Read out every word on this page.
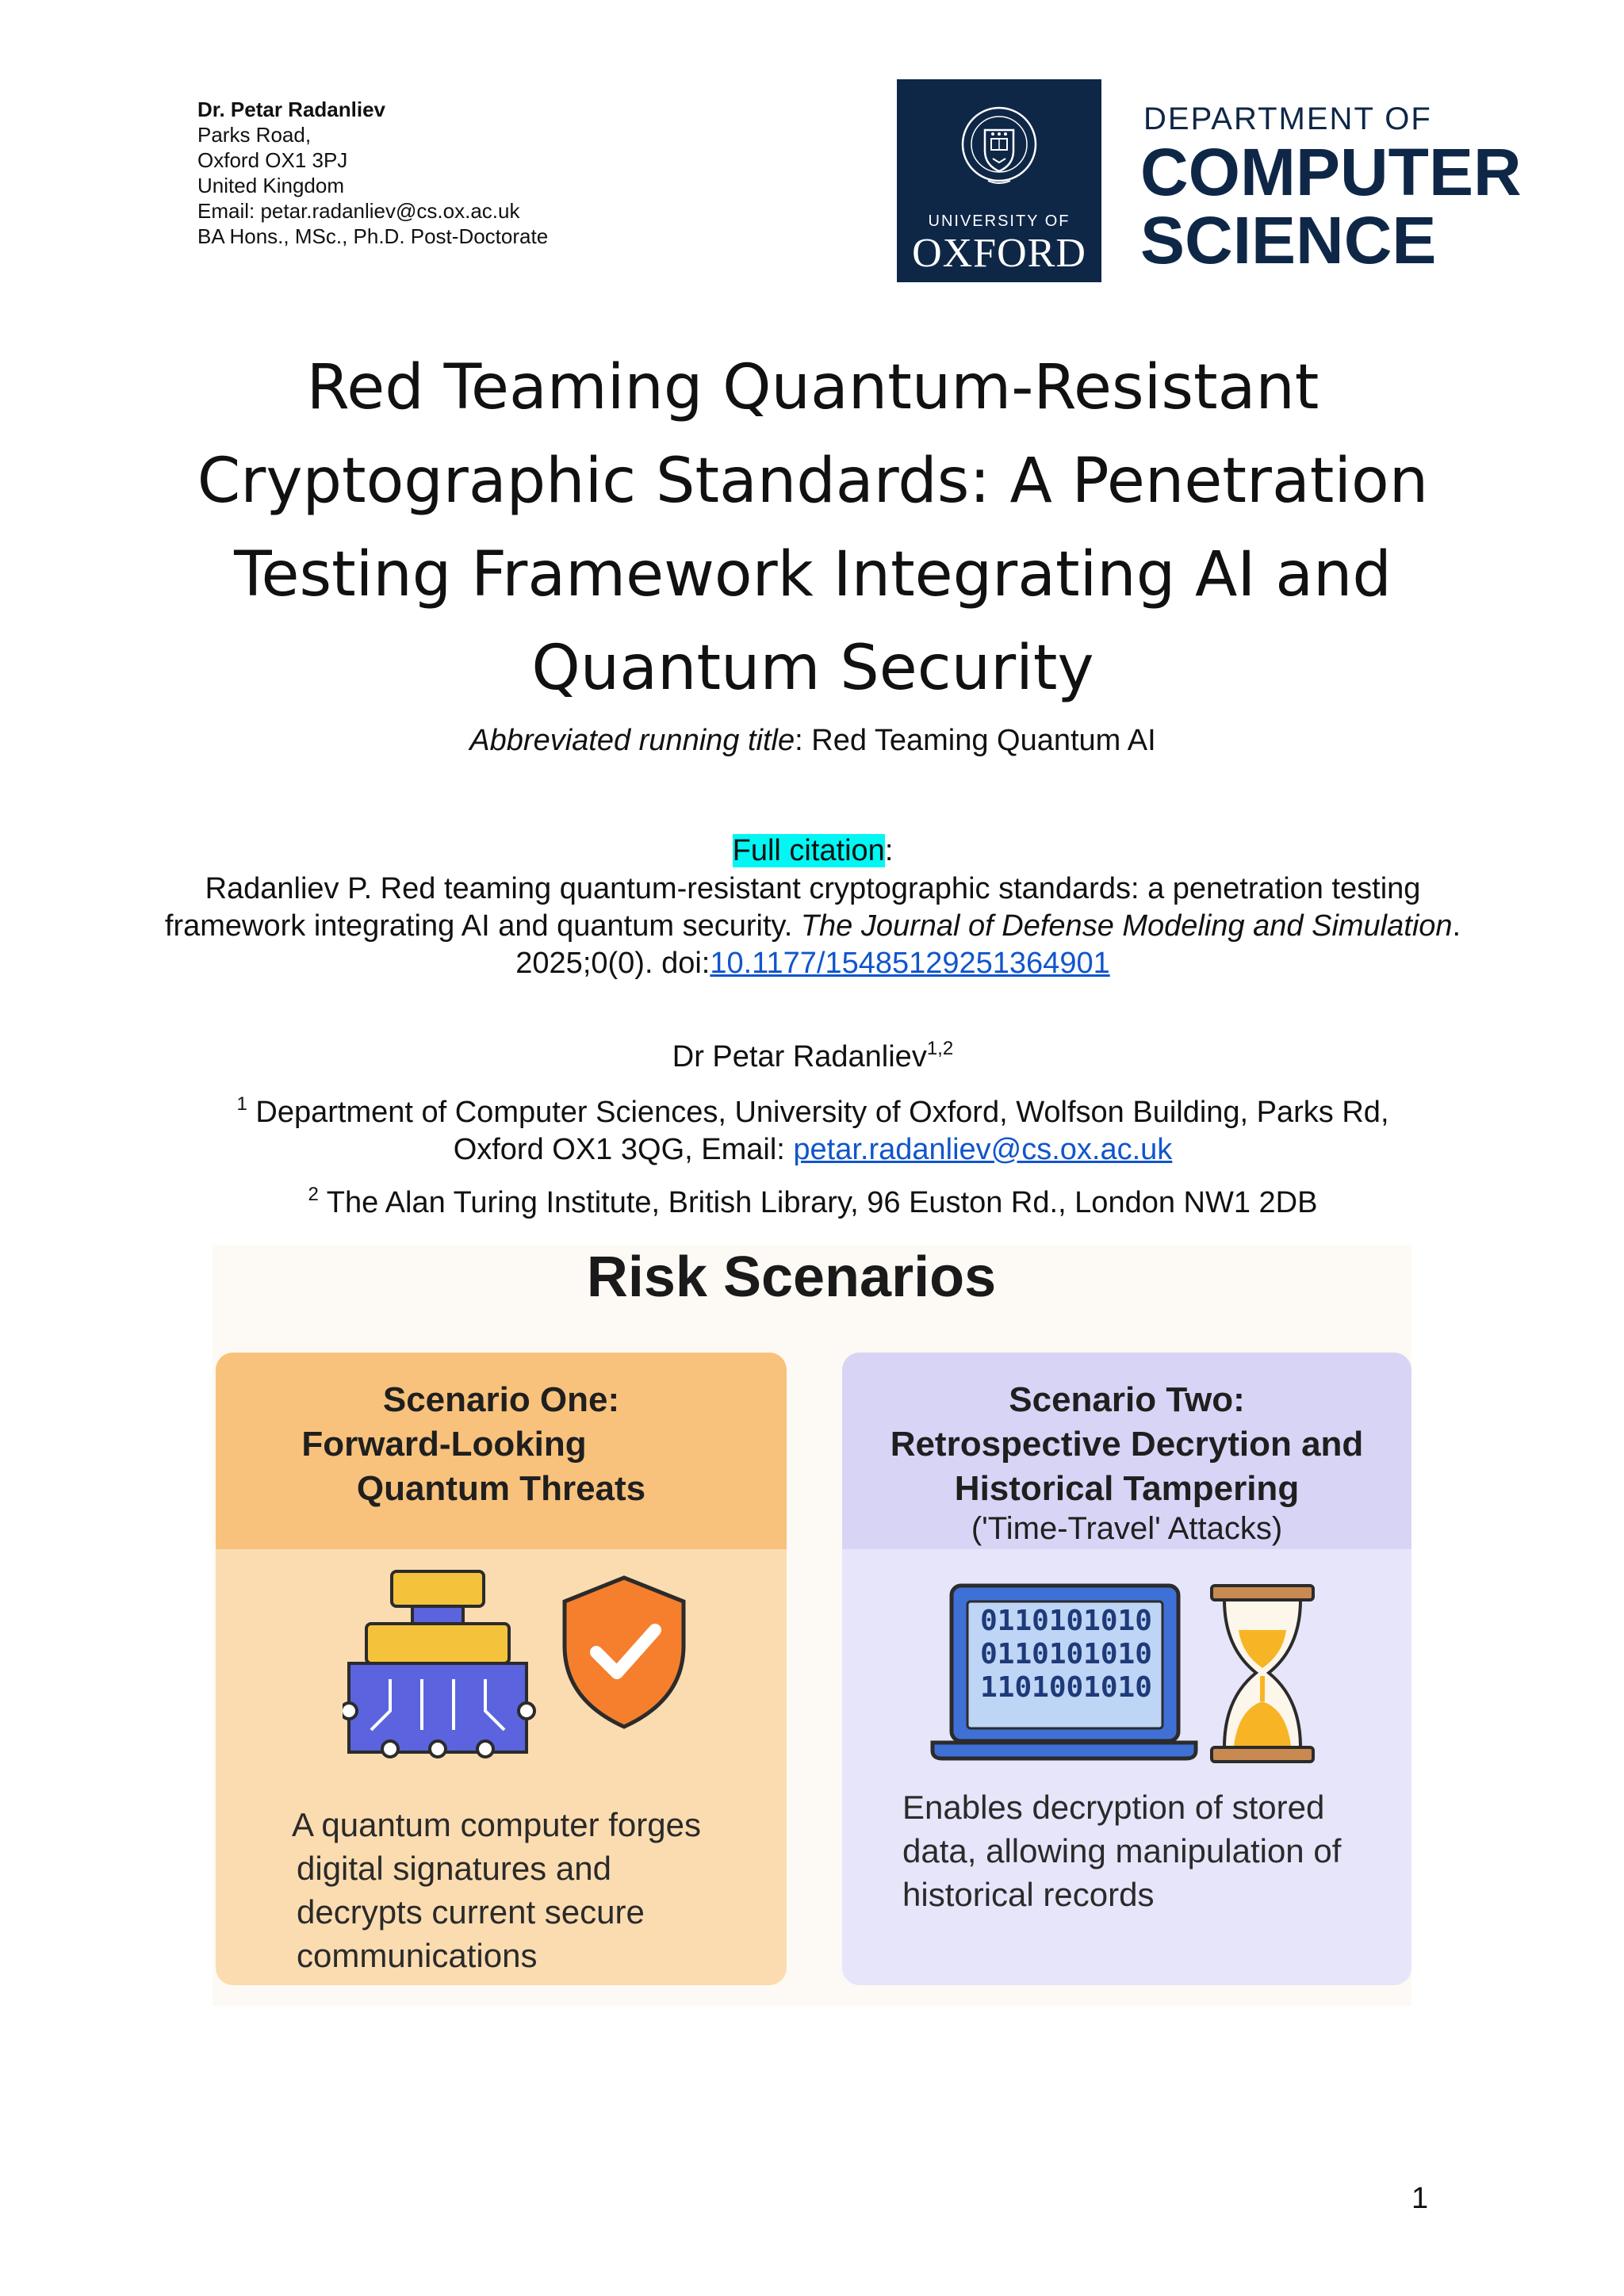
Dr. Petar Radanliev
Parks Road,
Oxford OX1 3PJ
United Kingdom
Email: petar.radanliev@cs.ox.ac.uk
BA Hons., MSc., Ph.D. Post-Doctorate
UNIVERSITY OF
OXFORD
DEPARTMENT OF
COMPUTER
SCIENCE
Red Teaming Quantum-Resistant
Cryptographic Standards: A Penetration
Testing Framework Integrating AI and
Quantum Security
Abbreviated running title: Red Teaming Quantum AI
Full citation:
Radanliev P. Red teaming quantum-resistant cryptographic standards: a penetration testing framework integrating AI and quantum security. The Journal of Defense Modeling and Simulation. 2025;0(0). doi:10.1177/15485129251364901
Dr Petar Radanliev$^{1,2}$
$^1$ Department of Computer Sciences, University of Oxford, Wolfson Building, Parks Rd, Oxford OX1 3QG, Email: petar.radanliev@cs.ox.ac.uk
$^2$ The Alan Turing Institute, British Library, 96 Euston Rd., London NW1 2DB
Risk Scenarios
Scenario One:
Forward-Looking
Quantum Threats
A quantum computer forges
digital signatures and
decrypts current secure
communications
Scenario Two:
Retrospective Decrytion and
Historical Tampering
('Time-Travel' Attacks)
0110101010
0110101010
1101001010
Enables decryption of stored
data, allowing manipulation of
historical records
1
